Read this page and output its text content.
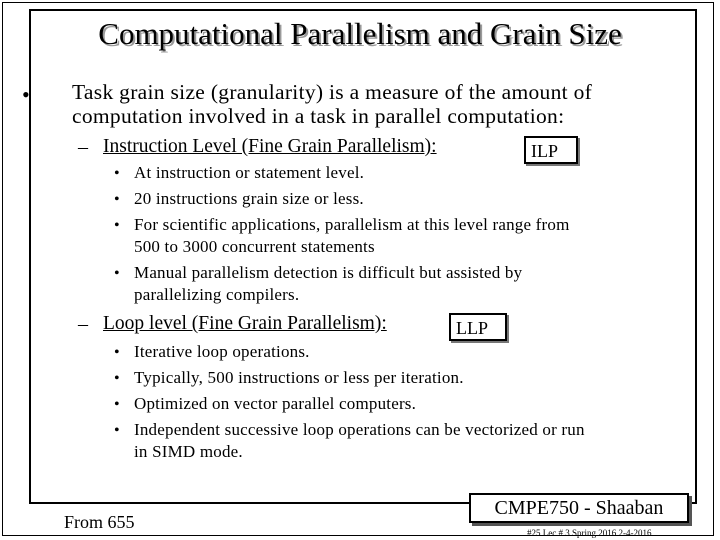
Computational Parallelism and Grain Size
• Task grain size (granularity) is a measure of the amount of
computation involved in a task in parallel computation:
– Instruction Level (Fine Grain Parallelism):	ILP
• At instruction or statement level.
• 20 instructions grain size or less.
• For scientific applications, parallelism at this level range from
500 to 3000 concurrent statements
• Manual parallelism detection is difficult but assisted by
parallelizing compilers.
– Loop level (Fine Grain Parallelism):	LLP
• Iterative loop operations.
• Typically, 500 instructions or less per iteration.
• Optimized on vector parallel computers.
• Independent successive loop operations can be vectorized or run
in SIMD mode.
From 655
CMPE750 - Shaaban
#25 Lec # 3 Spring 2016 2-4-2016
